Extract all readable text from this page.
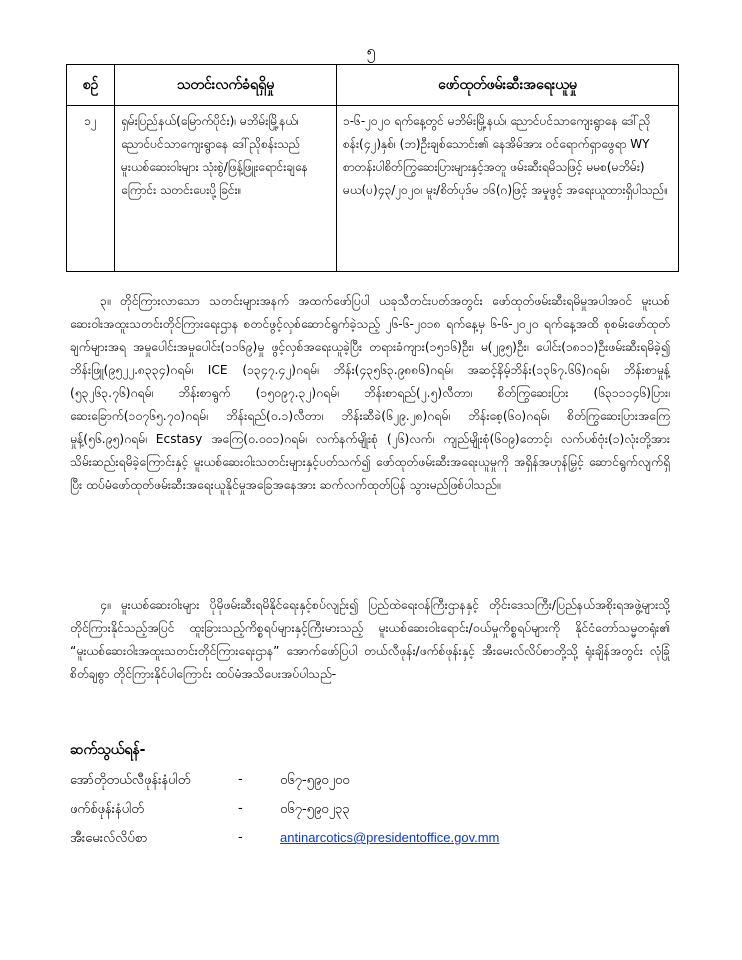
၅
စဉ်	သတင်းလက်ခံရရှိမှု	ဖော်ထုတ်ဖမ်းဆီးအရေးယူမှု
၁၂	ရှမ်းပြည်နယ်(မြောက်ပိုင်း)၊ မဘိမ်းမြို့နယ်၊ ညောင်ပင်သာကျေးရွာနေ ဒေါ်ညိုစန်းသည် မူးယစ်ဆေးဝါးများ သုံးစွဲ/ဖြန့်ဖြူးရောင်းချနေကြောင်း သတင်းပေးပို့ခြင်း။	၁-၆-၂၀၂၀ ရက်နေ့တွင် မဘိမ်းမြို့နယ်၊ ညောင်ပင်သာကျေးရွာနေ ဒေါ်ညိုစန်း(၄၂)နှစ်၊ (ဘ)ဦးချစ်သောင်း၏ နေအိမ်အား ဝင်ရောက်ရှာဖွေရာ WY စာတန်းပါစိတ်ကြွဆေးပြားများနှင့်အတူ ဖမ်းဆီးရမိသဖြင့် မမစ(မဘိမ်း) မယ(ပ)၄၃/၂၀၂၀၊ မူး/စိတ်ပုဒ်မ ၁၆(ဂ)ဖြင့် အမှုဖွင့် အရေးယူထားရှိပါသည်။

၃။ တိုင်ကြားလာသော သတင်းများအနက် အထက်ဖော်ပြပါ ယခုသီတင်းပတ်အတွင်း ဖော်ထုတ်ဖမ်းဆီးရမိမှုအပါအဝင် မူးယစ်ဆေးဝါးအထူးသတင်းတိုင်ကြားရေးဌာန စတင်ဖွင့်လှစ်ဆောင်ရွက်ခဲ့သည့် ၂၆-၆-၂၀၁၈ ရက်နေ့မှ ၆-၆-၂၀၂၀ ရက်နေ့အထိ စုစမ်းဖော်ထုတ်ချက်များအရ အမှုပေါင်းအမှုပေါင်း(၁၁၆၉)မှု ဖွင့်လှစ်အရေးယူခဲ့ပြီး တရားခံကျား(၁၅၁၆)ဦး၊ မ(၂၉၅)ဦး၊ ပေါင်း(၁၈၁၁)ဦးဖမ်းဆီးရမိခဲ့၍ ဘိန်းဖြူ(၉၅၂၂.၈၃၃၄)ဂရမ်၊ ICE (၁၃၄၇.၄၂)ဂရမ်၊ ဘိန်း(၄၃၅၆၃.၉၈၈၆)ဂရမ်၊ အဆင့်နိမ့်ဘိန်း(၁၃၆၇.၆၆)ဂရမ်၊ ဘိန်းစာမှုန့် (၅၃၂၆၃.၇၆)ဂရမ်၊ ဘိန်းစာရွက် (၁၅၀၉၇.၃၂)ဂရမ်၊ ဘိန်းစာရည်(၂.၅)လီတာ၊ စိတ်ကြွဆေးပြား (၆၃၁၁၁၄၆)ပြား၊ ဆေးခြောက်(၁၀၇၆၅.၇၀)ဂရမ်၊ ဘိန်းရည်(၀.၁)လီတာ၊ ဘိန်းဆီခဲ(၆၂၉.၂၈)ဂရမ်၊ ဘိန်းစေ့(၆၀)ဂရမ်၊ စိတ်ကြွဆေးပြားအကြေမှုန့်(၅၆.၉၅)ဂရမ်၊ Ecstasy အကြေ(၀.၀၀၁)ဂရမ်၊ လက်နက်မျိုးစုံ (၂၆)လက်၊ ကျည်မျိုးစုံ(၆၀၉)တောင့်၊ လက်ပစ်ဗုံး(၁)လုံးတို့အား သိမ်းဆည်းရမိခဲ့ကြောင်းနှင့် မူးယစ်ဆေးဝါးသတင်းများနှင့်ပတ်သက်၍ ဖော်ထုတ်ဖမ်းဆီးအရေးယူမှုကို အရှိန်အဟုန်မြှင့် ဆောင်ရွက်လျက်ရှိပြီး ထပ်မံဖော်ထုတ်ဖမ်းဆီးအရေးယူနိုင်မှုအခြေအနေအား ဆက်လက်ထုတ်ပြန် သွားမည်ဖြစ်ပါသည်။

၄။ မူးယစ်ဆေးဝါးများ ပိုမိုဖမ်းဆီးရမိနိုင်ရေးနှင့်စပ်လျဉ်း၍ ပြည်ထဲရေးဝန်ကြီးဌာနနှင့် တိုင်းဒေသကြီး/ပြည်နယ်အစိုးရအဖွဲ့များသို့ တိုင်ကြားနိုင်သည့်အပြင် ထူးခြားသည့်ကိစ္စရပ်များနှင့်ကြီးမားသည့် မူးယစ်ဆေးဝါးရောင်း/ဝယ်မှုကိစ္စရပ်များကို နိုင်ငံတော်သမ္မတရုံး၏ “မူးယစ်ဆေးဝါးအထူးသတင်းတိုင်ကြားရေးဌာန” အောက်ဖော်ပြပါ တယ်လီဖုန်း/ဖက်စ်ဖုန်းနှင့် အီးမေးလ်လိပ်စာတို့သို့ ရုံးချိန်အတွင်း လုံခြုံစိတ်ချစွာ တိုင်ကြားနိုင်ပါကြောင်း ထပ်မံအသိပေးအပ်ပါသည်-

ဆက်သွယ်ရန်-
အော်တိုတယ်လီဖုန်းနံပါတ်	-	၀၆၇-၅၉၀၂၀၀
ဖက်စ်ဖုန်းနံပါတ်	-	၀၆၇-၅၉၀၂၃၃
အီးမေးလ်လိပ်စာ	-	antinarcotics@presidentoffice.gov.mm
